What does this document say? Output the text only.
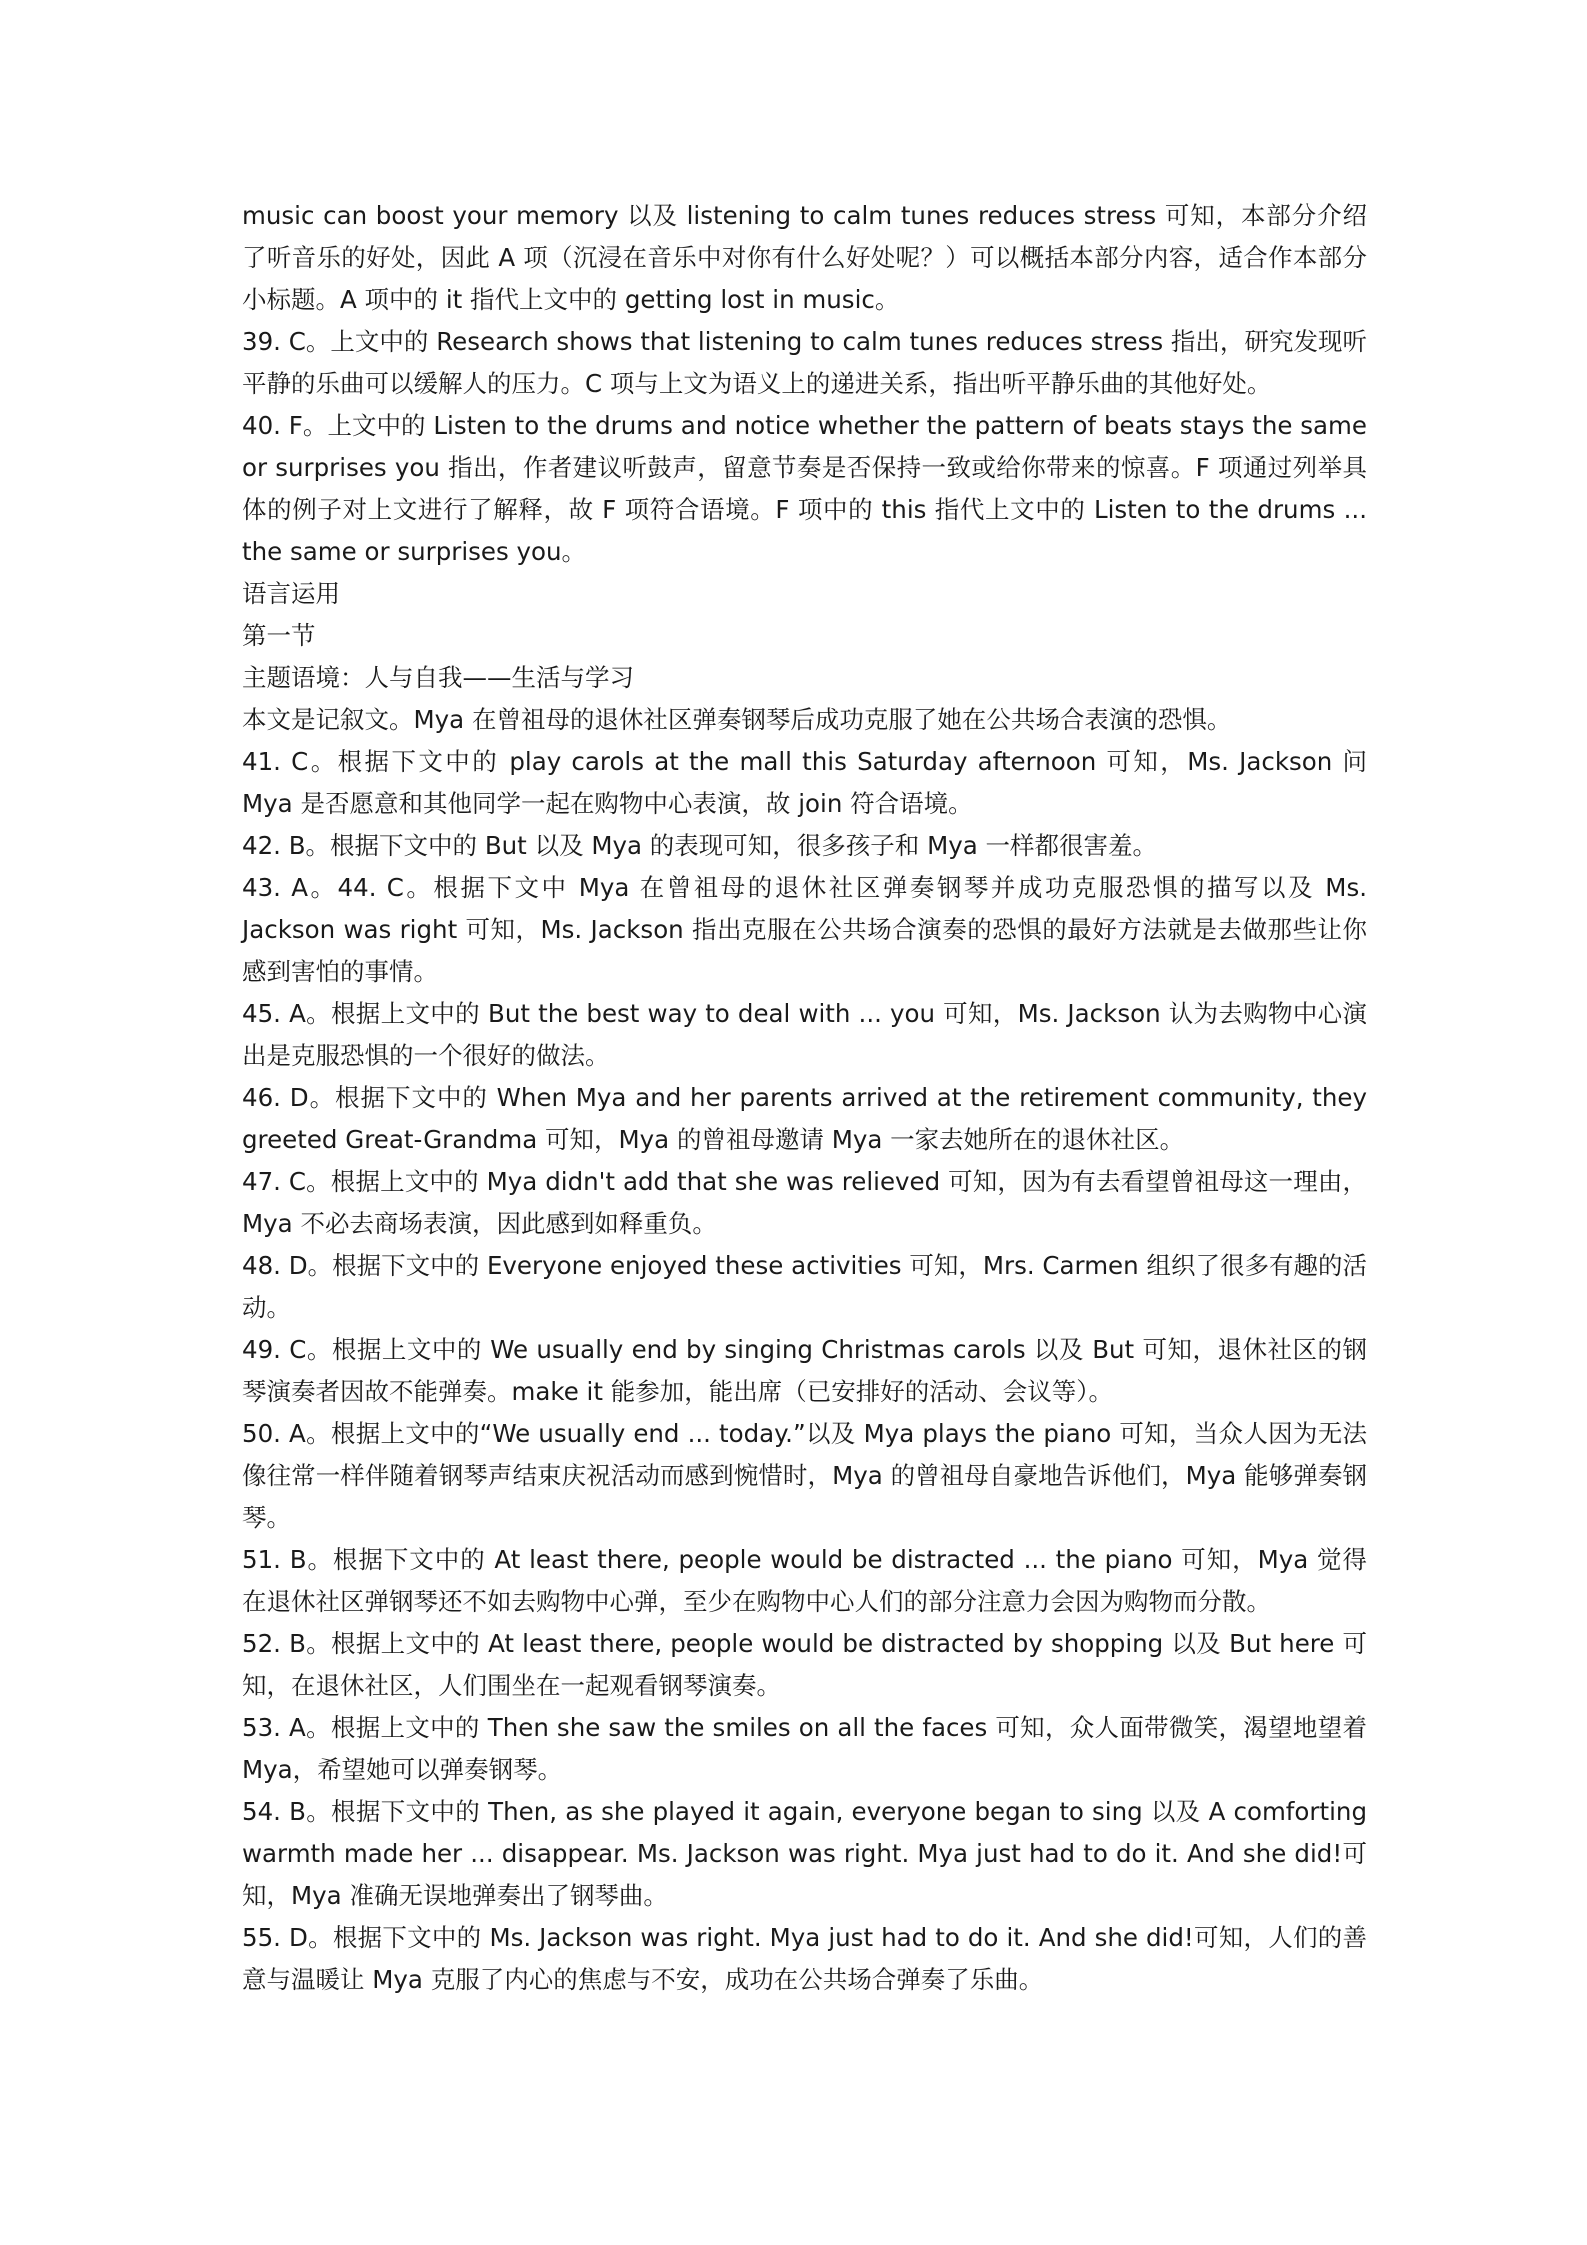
music can boost your memory 以及 listening to calm tunes reduces stress 可知，本部分介绍了听音乐的好处，因此 A 项（沉浸在音乐中对你有什么好处呢？）可以概括本部分内容，适合作本部分小标题。A 项中的 it 指代上文中的 getting lost in music。

39. C。上文中的 Research shows that listening to calm tunes reduces stress 指出，研究发现听平静的乐曲可以缓解人的压力。C 项与上文为语义上的递进关系，指出听平静乐曲的其他好处。

40. F。上文中的 Listen to the drums and notice whether the pattern of beats stays the same or surprises you 指出，作者建议听鼓声，留意节奏是否保持一致或给你带来的惊喜。F 项通过列举具体的例子对上文进行了解释，故 F 项符合语境。F 项中的 this 指代上文中的 Listen to the drums ... the same or surprises you。

语言运用

第一节

主题语境：人与自我——生活与学习

本文是记叙文。Mya 在曾祖母的退休社区弹奏钢琴后成功克服了她在公共场合表演的恐惧。

41. C。根据下文中的 play carols at the mall this Saturday afternoon 可知，Ms. Jackson 问 Mya 是否愿意和其他同学一起在购物中心表演，故 join 符合语境。

42. B。根据下文中的 But 以及 Mya 的表现可知，很多孩子和 Mya 一样都很害羞。

43. A。44. C。根据下文中 Mya 在曾祖母的退休社区弹奏钢琴并成功克服恐惧的描写以及 Ms. Jackson was right 可知，Ms. Jackson 指出克服在公共场合演奏的恐惧的最好方法就是去做那些让你感到害怕的事情。

45. A。根据上文中的 But the best way to deal with ... you 可知，Ms. Jackson 认为去购物中心演出是克服恐惧的一个很好的做法。

46. D。根据下文中的 When Mya and her parents arrived at the retirement community, they greeted Great-Grandma 可知，Mya 的曾祖母邀请 Mya 一家去她所在的退休社区。

47. C。根据上文中的 Mya didn't add that she was relieved 可知，因为有去看望曾祖母这一理由，Mya 不必去商场表演，因此感到如释重负。

48. D。根据下文中的 Everyone enjoyed these activities 可知，Mrs. Carmen 组织了很多有趣的活动。

49. C。根据上文中的 We usually end by singing Christmas carols 以及 But 可知，退休社区的钢琴演奏者因故不能弹奏。make it 能参加，能出席（已安排好的活动、会议等）。

50. A。根据上文中的“We usually end ... today.”以及 Mya plays the piano 可知，当众人因为无法像往常一样伴随着钢琴声结束庆祝活动而感到惋惜时，Mya 的曾祖母自豪地告诉他们，Mya 能够弹奏钢琴。

51. B。根据下文中的 At least there, people would be distracted ... the piano 可知，Mya 觉得在退休社区弹钢琴还不如去购物中心弹，至少在购物中心人们的部分注意力会因为购物而分散。

52. B。根据上文中的 At least there, people would be distracted by shopping 以及 But here 可知，在退休社区，人们围坐在一起观看钢琴演奏。

53. A。根据上文中的 Then she saw the smiles on all the faces 可知，众人面带微笑，渴望地望着 Mya，希望她可以弹奏钢琴。

54. B。根据下文中的 Then, as she played it again, everyone began to sing 以及 A comforting warmth made her ... disappear. Ms. Jackson was right. Mya just had to do it. And she did!可知，Mya 准确无误地弹奏出了钢琴曲。

55. D。根据下文中的 Ms. Jackson was right. Mya just had to do it. And she did!可知，人们的善意与温暖让 Mya 克服了内心的焦虑与不安，成功在公共场合弹奏了乐曲。
